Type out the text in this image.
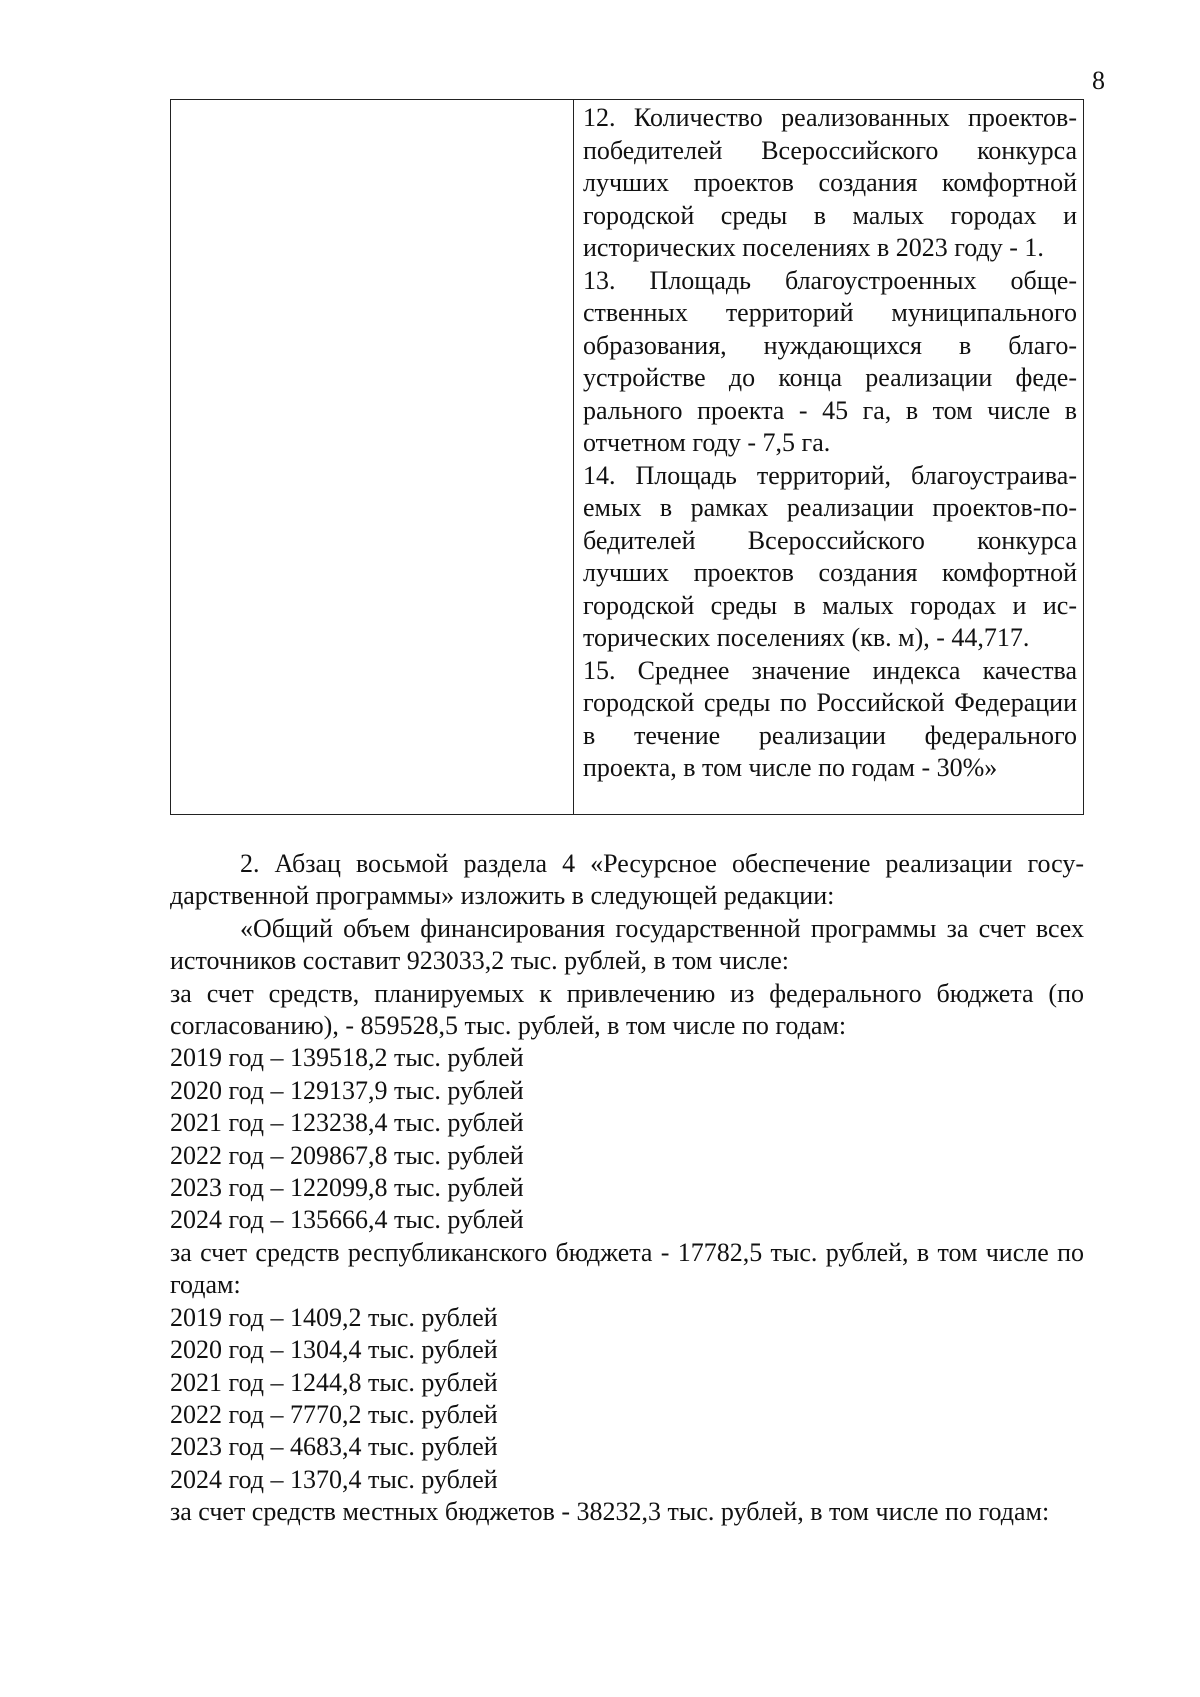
8
12. Количество реализованных проектов-победителей Всероссийского конкурса лучших проектов создания комфортной городской среды в малых городах и исторических поселениях в 2023 году - 1.
13. Площадь благоустроенных общественных территорий муниципального образования, нуждающихся в благоустройстве до конца реализации федерального проекта - 45 га, в том числе в отчетном году - 7,5 га.
14. Площадь территорий, благоустраиваемых в рамках реализации проектов-победителей Всероссийского конкурса лучших проектов создания комфортной городской среды в малых городах и исторических поселениях (кв. м), - 44,717.
15. Среднее значение индекса качества городской среды по Российской Федерации в течение реализации федерального проекта, в том числе по годам - 30%»

2. Абзац восьмой раздела 4 «Ресурсное обеспечение реализации государственной программы» изложить в следующей редакции:

«Общий объем финансирования государственной программы за счет всех источников составит 923033,2 тыс. рублей, в том числе:

за счет средств, планируемых к привлечению из федерального бюджета (по согласованию), - 859528,5 тыс. рублей, в том числе по годам:

2019 год – 139518,2 тыс. рублей

2020 год – 129137,9 тыс. рублей

2021 год – 123238,4 тыс. рублей

2022 год – 209867,8 тыс. рублей

2023 год – 122099,8 тыс. рублей

2024 год – 135666,4 тыс. рублей

за счет средств республиканского бюджета - 17782,5 тыс. рублей, в том числе по годам:

2019 год – 1409,2 тыс. рублей

2020 год – 1304,4 тыс. рублей

2021 год – 1244,8 тыс. рублей

2022 год – 7770,2 тыс. рублей

2023 год – 4683,4 тыс. рублей

2024 год – 1370,4 тыс. рублей

за счет средств местных бюджетов - 38232,3 тыс. рублей, в том числе по годам:
